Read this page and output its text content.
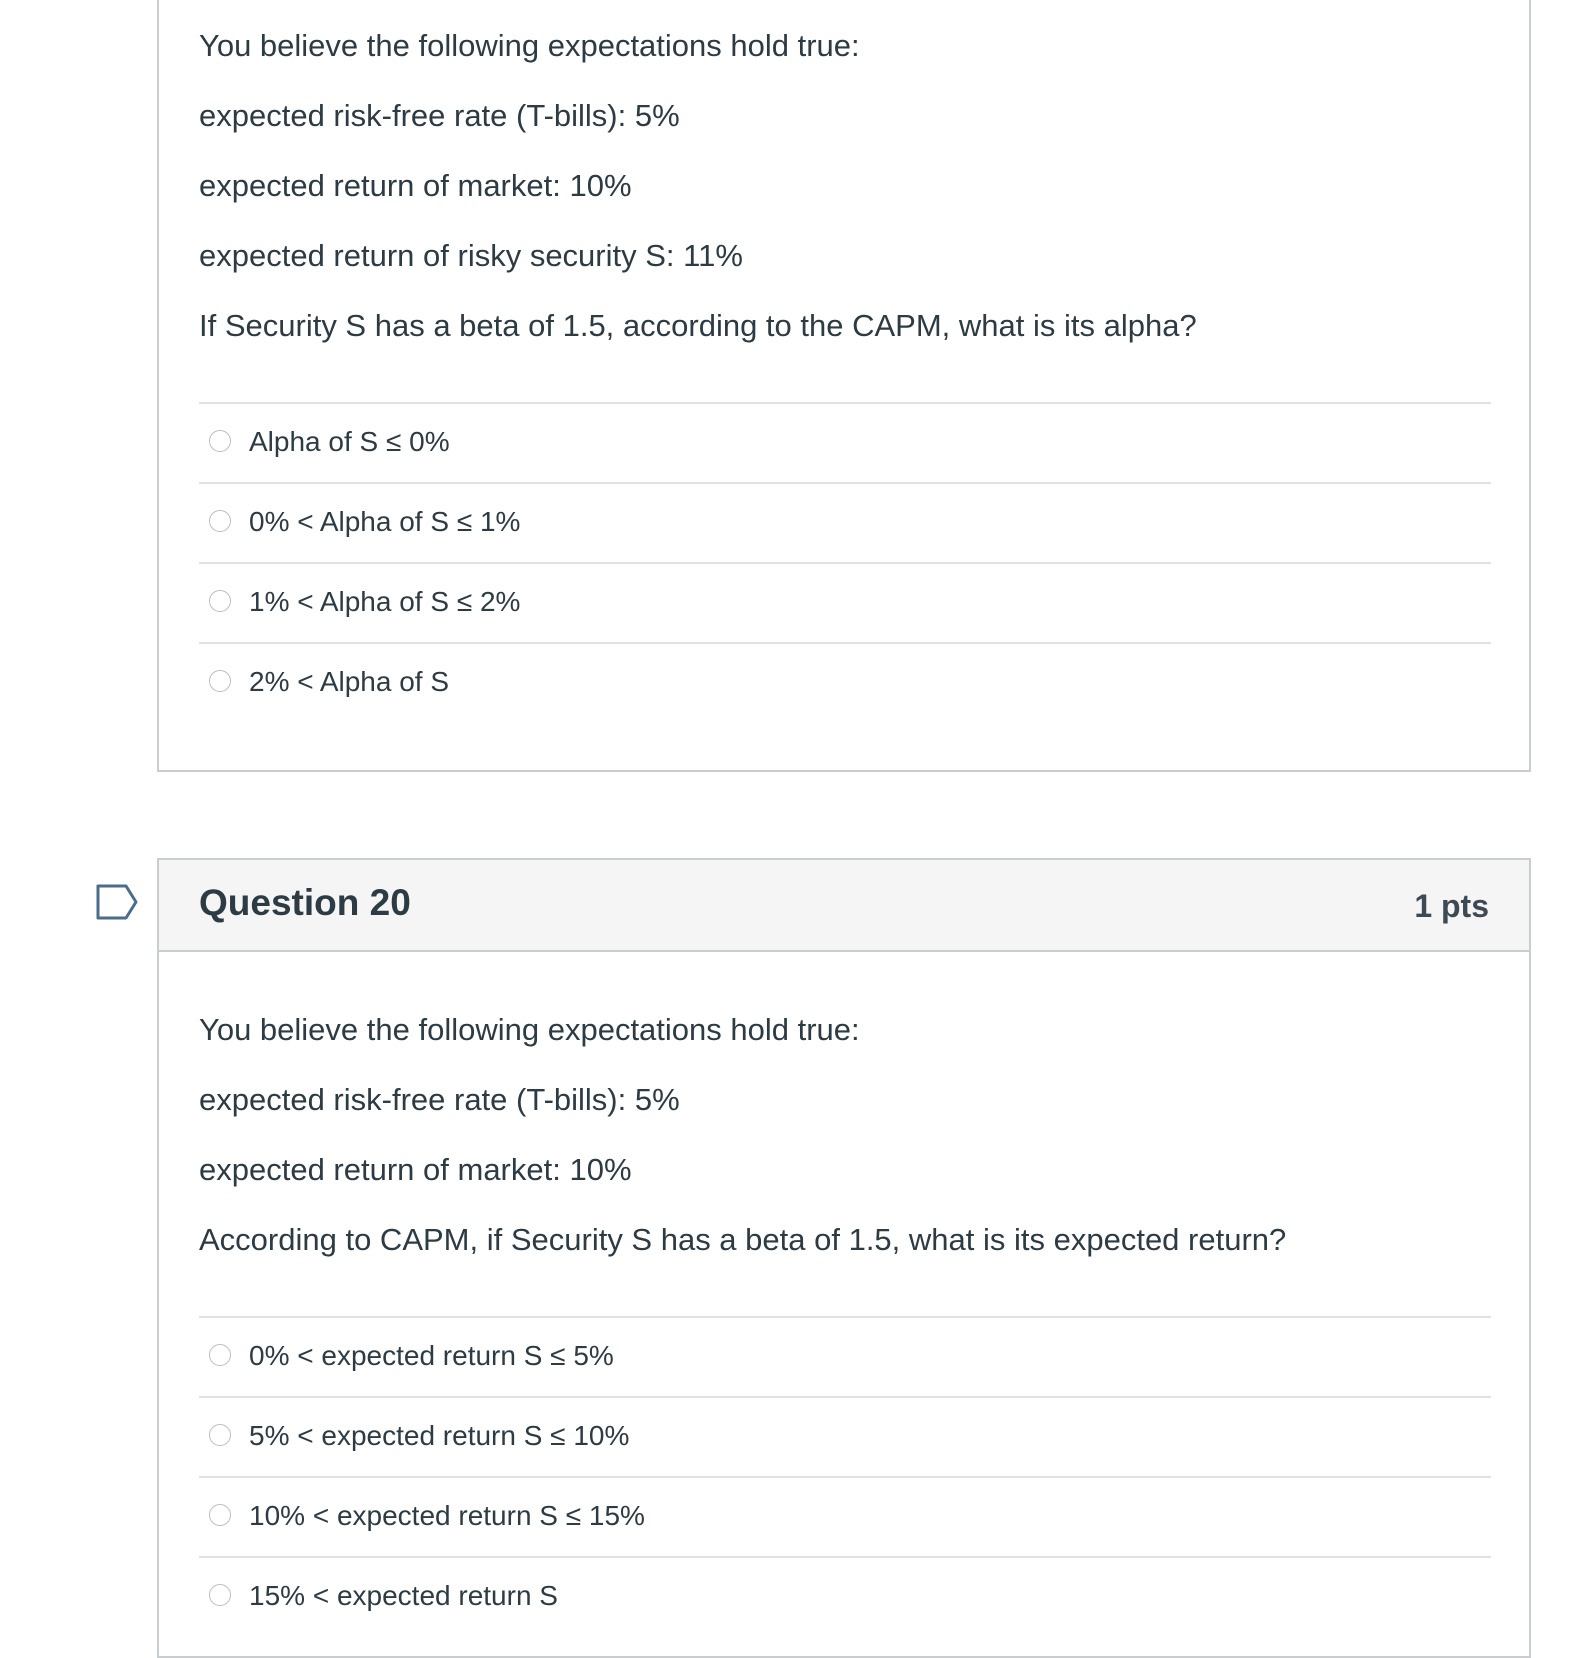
You believe the following expectations hold true:
expected risk-free rate (T-bills): 5%
expected return of market: 10%
expected return of risky security S: 11%
If Security S has a beta of 1.5, according to the CAPM, what is its alpha?
Alpha of S ≤ 0%
0% < Alpha of S ≤ 1%
1% < Alpha of S ≤ 2%
2% < Alpha of S
Question 20	1 pts
You believe the following expectations hold true:
expected risk-free rate (T-bills): 5%
expected return of market: 10%
According to CAPM, if Security S has a beta of 1.5, what is its expected return?
0% < expected return S ≤ 5%
5% < expected return S ≤ 10%
10% < expected return S ≤ 15%
15% < expected return S
